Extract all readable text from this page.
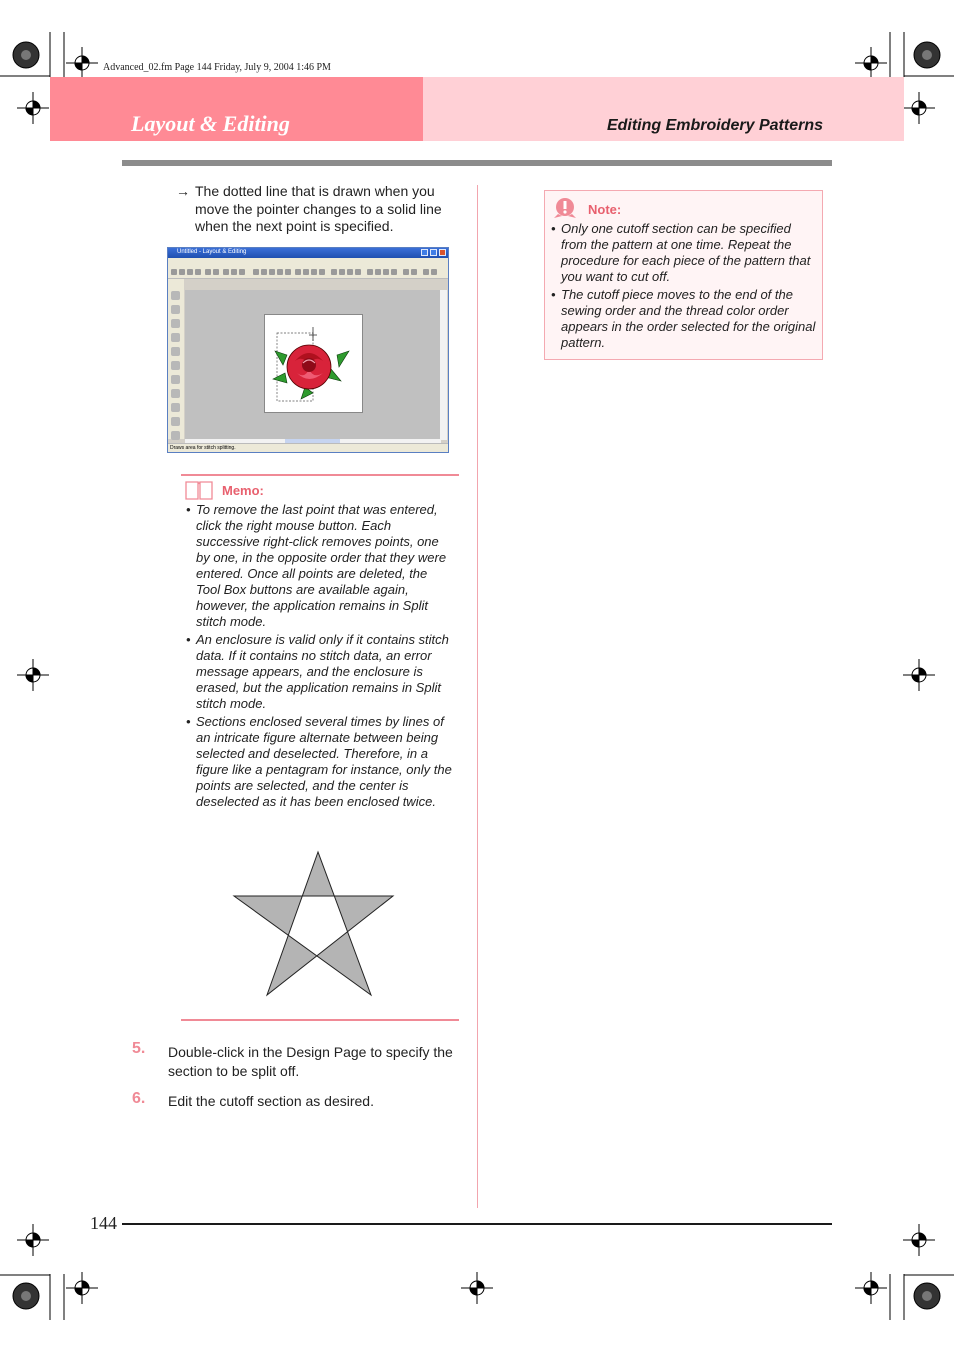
Advanced_02.fm Page 144 Friday, July 9, 2004 1:46 PM
Layout & Editing	Editing Embroidery Patterns
→ The dotted line that is drawn when you move the pointer changes to a solid line when the next point is specified.
Untitled - Layout & Editing
Draws area for stitch splitting.
Memo:
• To remove the last point that was entered, click the right mouse button. Each successive right-click removes points, one by one, in the opposite order that they were entered. Once all points are deleted, the Tool Box buttons are available again, however, the application remains in Split stitch mode.
• An enclosure is valid only if it contains stitch data. If it contains no stitch data, an error message appears, and the enclosure is erased, but the application remains in Split stitch mode.
• Sections enclosed several times by lines of an intricate figure alternate between being selected and deselected. Therefore, in a figure like a pentagram for instance, only the points are selected, and the center is deselected as it has been enclosed twice.
5. Double-click in the Design Page to specify the section to be split off.
6. Edit the cutoff section as desired.
Note:
• Only one cutoff section can be specified from the pattern at one time. Repeat the procedure for each piece of the pattern that you want to cut off.
• The cutoff piece moves to the end of the sewing order and the thread color order appears in the order selected for the original pattern.
144
